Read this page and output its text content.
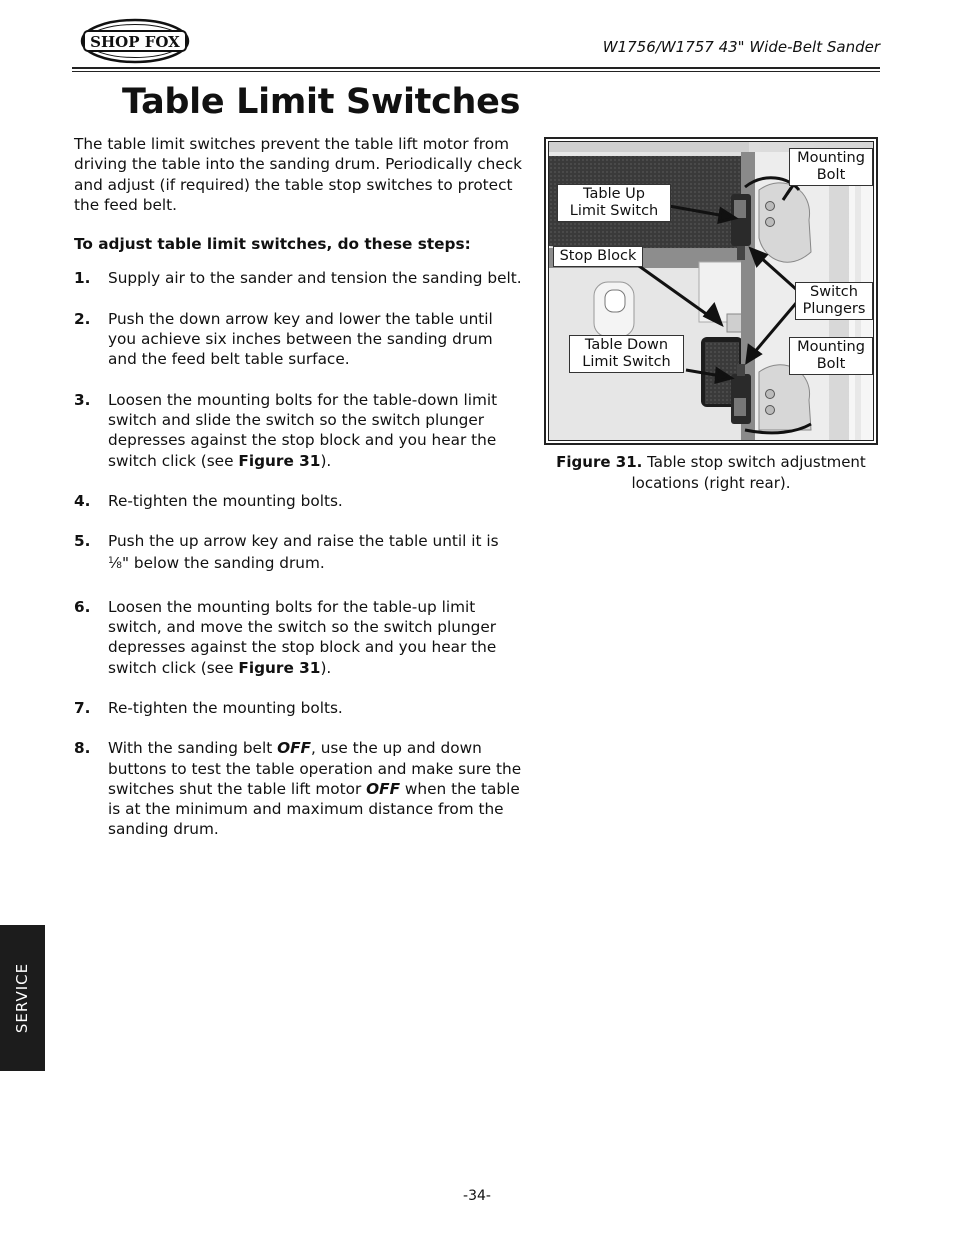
SHOP FOX	W1756/W1757 43" Wide-Belt Sander
Table Limit Switches

The table limit switches prevent the table lift motor from driving the table into the sanding drum. Periodically check and adjust (if required) the table stop switches to protect the feed belt.

To adjust table limit switches, do these steps:

1. Supply air to the sander and tension the sanding belt.
2. Push the down arrow key and lower the table until you achieve six inches between the sanding drum and the feed belt table surface.
3. Loosen the mounting bolts for the table-down limit switch and slide the switch so the switch plunger depresses against the stop block and you hear the switch click (see Figure 31).
4. Re-tighten the mounting bolts.
5. Push the up arrow key and raise the table until it is
$^1$⁄8" below the sanding drum.
6. Loosen the mounting bolts for the table-up limit switch, and move the switch so the switch plunger depresses against the stop block and you hear the switch click (see Figure 31).
7. Re-tighten the mounting bolts.
8. With the sanding belt OFF, use the up and down buttons to test the table operation and make sure the switches shut the table lift motor OFF when the table is at the minimum and maximum distance from the sanding drum.
Mounting
Bolt
Table Up
Limit Switch
Stop Block
Switch
Plungers
Table Down
Limit Switch
Mounting
Bolt
Figure 31. Table stop switch adjustment locations (right rear).
SERVICE
-34-
